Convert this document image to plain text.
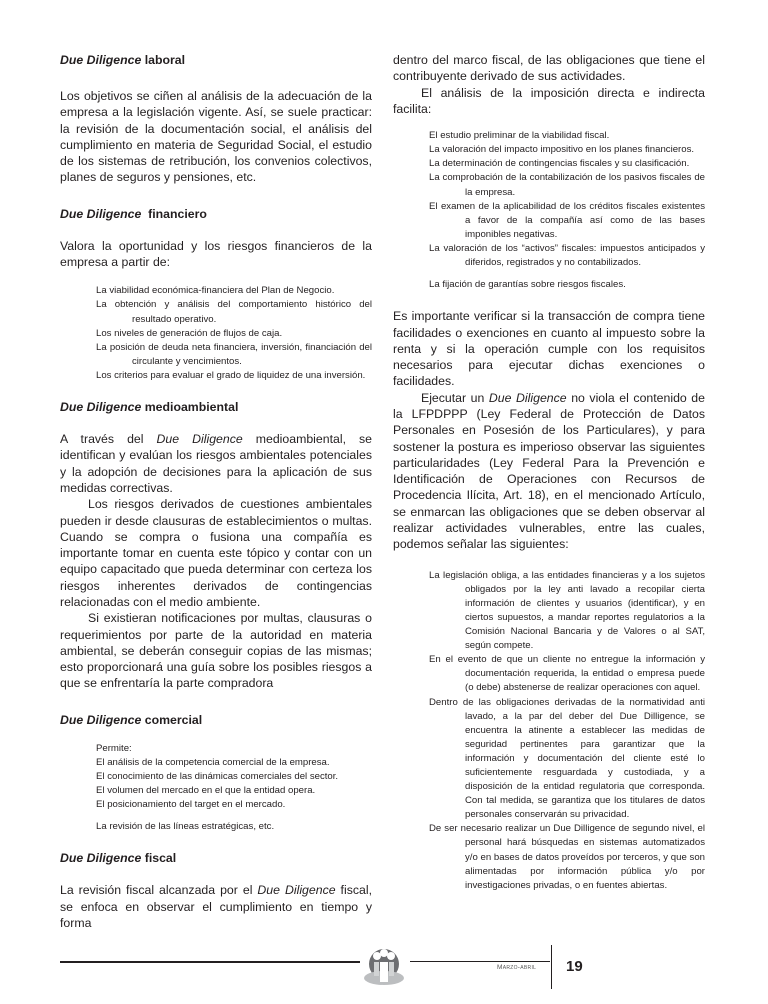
Due Diligence laboral

Los objetivos se ciñen al análisis de la adecuación de la empresa a la legislación vigente. Así, se suele practicar: la revisión de la documentación social, el análisis del cumplimiento en materia de Seguridad Social, el estudio de los sistemas de retribución, los convenios colectivos, planes de seguros y pensiones, etc.

Due Diligence  financiero

Valora la oportunidad y los riesgos financieros de la empresa a partir de:

La viabilidad económica-financiera del Plan de Negocio.
La obtención y análisis del comportamiento histórico del resultado operativo.
Los niveles de generación de flujos de caja.
La posición de deuda neta financiera, inversión, financiación del circulante y vencimientos.
Los criterios para evaluar el grado de liquidez de una inversión.

Due Diligence medioambiental

A través del Due Diligence medioambiental, se identifican y evalúan los riesgos ambientales potenciales y la adopción de decisiones para la aplicación de sus medidas correctivas.

Los riesgos derivados de cuestiones ambientales pueden ir desde clausuras de establecimientos o multas. Cuando se compra o fusiona una compañía es importante tomar en cuenta este tópico y contar con un equipo capacitado que pueda determinar con certeza los riesgos inherentes derivados de contingencias relacionadas con el medio ambiente.

Si existieran notificaciones por multas, clausuras o requerimientos por parte de la autoridad en materia ambiental, se deberán conseguir copias de las mismas; esto proporcionará una guía sobre los posibles riesgos a que se enfrentaría la parte compradora

Due Diligence comercial

Permite:
El análisis de la competencia comercial de la empresa.
El conocimiento de las dinámicas comerciales del sector.
El volumen del mercado en el que la entidad opera.
El posicionamiento del target en el mercado.
La revisión de las líneas estratégicas, etc.

Due Diligence fiscal

La revisión fiscal alcanzada por el Due Diligence fiscal, se enfoca en observar el cumplimiento en tiempo y forma

dentro del marco fiscal, de las obligaciones que tiene el contribuyente derivado de sus actividades.

El análisis de la imposición directa e indirecta facilita:

El estudio preliminar de la viabilidad fiscal.
La valoración del impacto impositivo en los planes financieros.
La determinación de contingencias fiscales y su clasificación.
La comprobación de la contabilización de los pasivos fiscales de la empresa.
El examen de la aplicabilidad de los créditos fiscales existentes a favor de la compañía así como de las bases imponibles negativas.
La valoración de los “activos” fiscales: impuestos anticipados y diferidos, registrados y no contabilizados.
La fijación de garantías sobre riesgos fiscales.

Es importante verificar si la transacción de compra tiene facilidades o exenciones en cuanto al impuesto sobre la renta y si la operación cumple con los requisitos necesarios para ejecutar dichas exenciones o facilidades.

Ejecutar un Due Diligence no viola el contenido de la LFPDPPP (Ley Federal de Protección de Datos Personales en Posesión de los Particulares), y para sostener la postura es imperioso observar las siguientes particularidades (Ley Federal Para la Prevención e Identificación de Operaciones con Recursos de Procedencia Ilícita, Art. 18), en el mencionado Artículo, se enmarcan las obligaciones que se deben observar al realizar actividades vulnerables, entre las cuales, podemos señalar las siguientes:

La legislación obliga, a las entidades financieras y a los sujetos obligados por la ley anti lavado a recopilar cierta información de clientes y usuarios (identificar), y en ciertos supuestos, a mandar reportes regulatorios a la Comisión Nacional Bancaria y de Valores o al SAT, según compete.
En el evento de que un cliente no entregue la información y documentación requerida, la entidad o empresa puede (o debe) abstenerse de realizar operaciones con aquel.
Dentro de las obligaciones derivadas de la normatividad anti lavado, a la par del deber del Due Dilligence, se encuentra la atinente a establecer las medidas de seguridad pertinentes para garantizar que la información y documentación del cliente esté lo suficientemente resguardada y custodiada, y a disposición de la entidad regulatoria que corresponda. Con tal medida, se garantiza que los titulares de datos personales conservarán su privacidad.
De ser necesario realizar un Due Dilligence de segundo nivel, el personal hará búsquedas en sistemas automatizados y/o en bases de datos proveídos por terceros, y que son alimentadas por información pública y/o por investigaciones privadas, o en fuentes abiertas.
Marzo-abril 19
